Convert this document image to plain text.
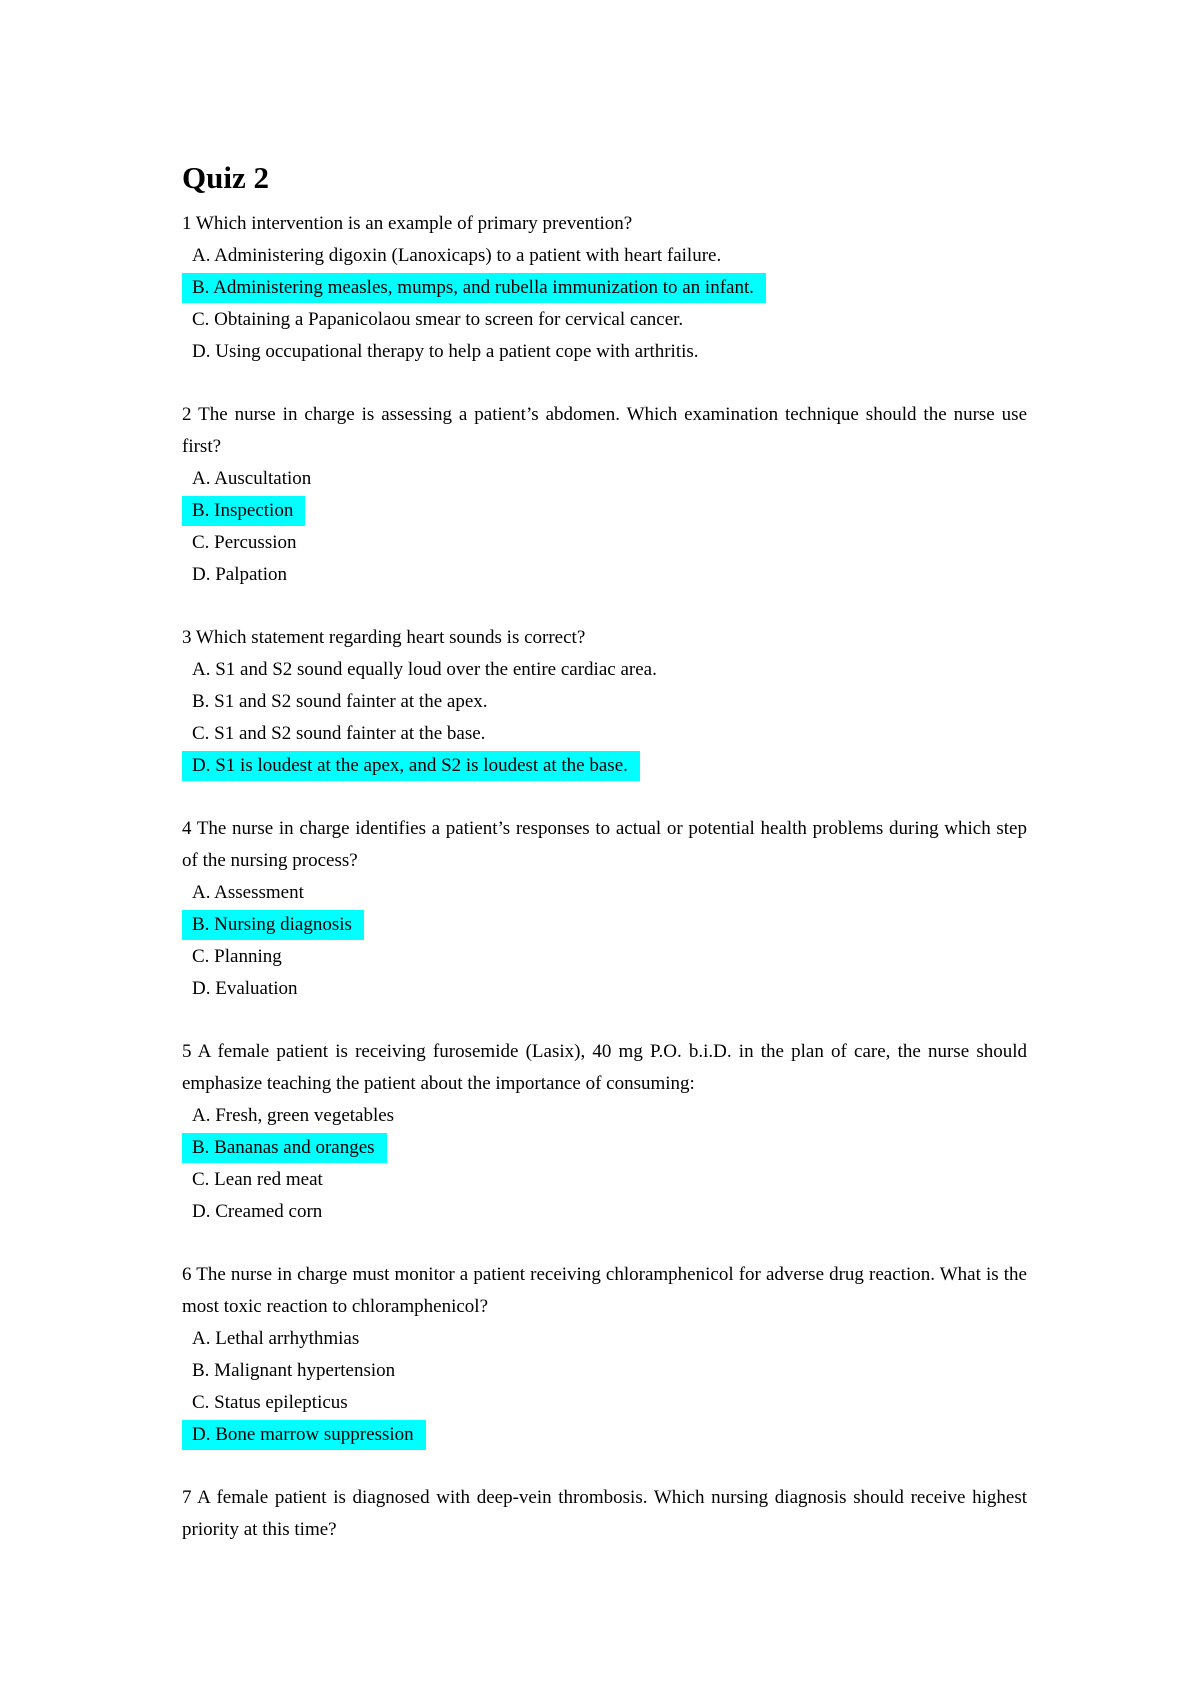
Quiz 2
1 Which intervention is an example of primary prevention?
A. Administering digoxin (Lanoxicaps) to a patient with heart failure.
B. Administering measles, mumps, and rubella immunization to an infant.
C. Obtaining a Papanicolaou smear to screen for cervical cancer.
D. Using occupational therapy to help a patient cope with arthritis.
2 The nurse in charge is assessing a patient’s abdomen. Which examination technique should the nurse use first?
A. Auscultation
B. Inspection
C. Percussion
D. Palpation
3 Which statement regarding heart sounds is correct?
A. S1 and S2 sound equally loud over the entire cardiac area.
B. S1 and S2 sound fainter at the apex.
C. S1 and S2 sound fainter at the base.
D. S1 is loudest at the apex, and S2 is loudest at the base.
4 The nurse in charge identifies a patient’s responses to actual or potential health problems during which step of the nursing process?
A. Assessment
B. Nursing diagnosis
C. Planning
D. Evaluation
5 A female patient is receiving furosemide (Lasix), 40 mg P.O. b.i.D. in the plan of care, the nurse should emphasize teaching the patient about the importance of consuming:
A. Fresh, green vegetables
B. Bananas and oranges
C. Lean red meat
D. Creamed corn
6 The nurse in charge must monitor a patient receiving chloramphenicol for adverse drug reaction. What is the most toxic reaction to chloramphenicol?
A. Lethal arrhythmias
B. Malignant hypertension
C. Status epilepticus
D. Bone marrow suppression
7 A female patient is diagnosed with deep-vein thrombosis. Which nursing diagnosis should receive highest priority at this time?
